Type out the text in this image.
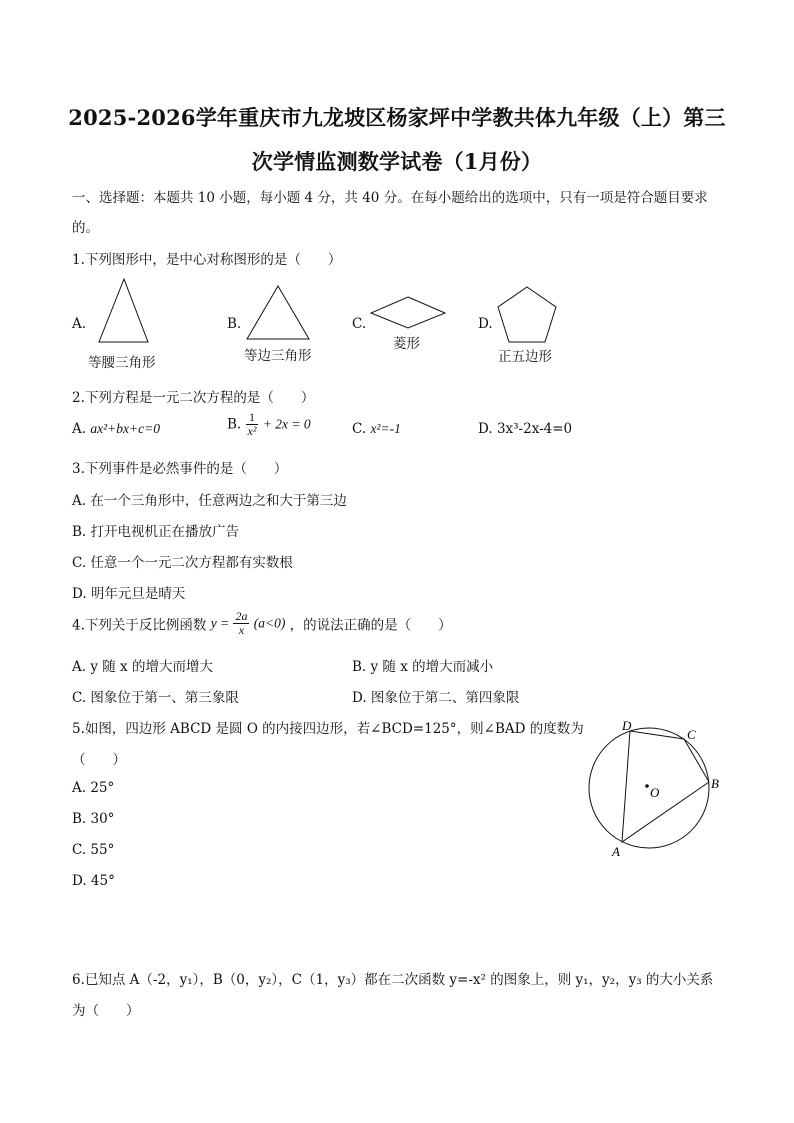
2025-2026学年重庆市九龙坡区杨家坪中学教共体九年级（上）第三
次学情监测数学试卷（1月份）
一、选择题：本题共 10 小题，每小题 4 分，共 40 分。在每小题给出的选项中，只有一项是符合题目要求
的。
1.下列图形中，是中心对称图形的是（　　）
A.
等腰三角形
B.
等边三角形
C.
菱形
D.
正五边形
2.下列方程是一元二次方程的是（　　）
A. ax²+bx+c=0	B. $\frac{1}{\text{x²}} + 2x = 0$	C. x²=-1	D. 3x³-2x-4=0
3.下列事件是必然事件的是（　　）
A. 在一个三角形中，任意两边之和大于第三边
B. 打开电视机正在播放广告
C. 任意一个一元二次方程都有实数根
D. 明年元旦是晴天
4.下列关于反比例函数 $y = \frac{2a}{x} (a<0)$ ，的说法正确的是（　　）
A. y 随 x 的增大而增大	B. y 随 x 的增大而减小
C. 图象位于第一、第三象限	D. 图象位于第二、第四象限
5.如图，四边形 ABCD 是圆 O 的内接四边形，若∠BCD=125°，则∠BAD 的度数为
（　　）
A. 25°
B. 30°
C. 55°
D. 45°
D
C
B
O
A
6.已知点 A（-2，y₁），B（0，y₂），C（1，y₃）都在二次函数 y=-x² 的图象上，则 y₁，y₂，y₃ 的大小关系
为（　　）
